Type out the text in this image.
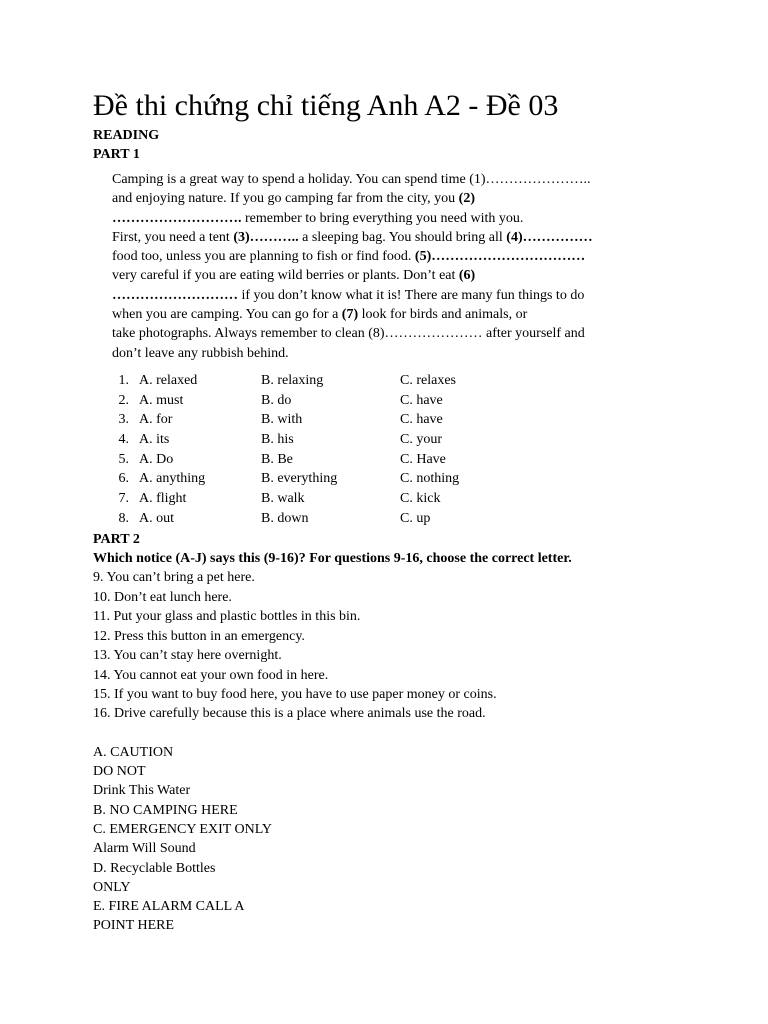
Đề thi chứng chỉ tiếng Anh A2 - Đề 03

READING

PART 1

Camping is a great way to spend a holiday. You can spend time (1)…………………..
and enjoying nature. If you go camping far from the city, you (2)
………………………. remember to bring everything you need with you.
First, you need a tent (3)……….. a sleeping bag. You should bring all (4)……………
food too, unless you are planning to fish or find food. (5)……………………………
very careful if you are eating wild berries or plants. Don’t eat (6)
……………………… if you don’t know what it is! There are many fun things to do
when you are camping. You can go for a (7) look for birds and animals, or
take photographs. Always remember to clean (8)………………… after yourself and
don’t leave any rubbish behind.
1. A. relaxed	B. relaxing	C. relaxes
2. A. must	B. do	C. have
3. A. for	B. with	C. have
4. A. its	B. his	C. your
5. A. Do	B. Be	C. Have
6. A. anything	B. everything	C. nothing
7. A. flight	B. walk	C. kick
8. A. out	B. down	C. up

PART 2

Which notice (A-J) says this (9-16)? For questions 9-16, choose the correct letter.

9. You can’t bring a pet here.

10. Don’t eat lunch here.

11. Put your glass and plastic bottles in this bin.

12. Press this button in an emergency.

13. You can’t stay here overnight.

14. You cannot eat your own food in here.

15. If you want to buy food here, you have to use paper money or coins.

16. Drive carefully because this is a place where animals use the road.

A. CAUTION
DO NOT
Drink This Water
B. NO CAMPING HERE
C. EMERGENCY EXIT ONLY
Alarm Will Sound
D. Recyclable Bottles
ONLY
E. FIRE ALARM CALL A
POINT HERE
